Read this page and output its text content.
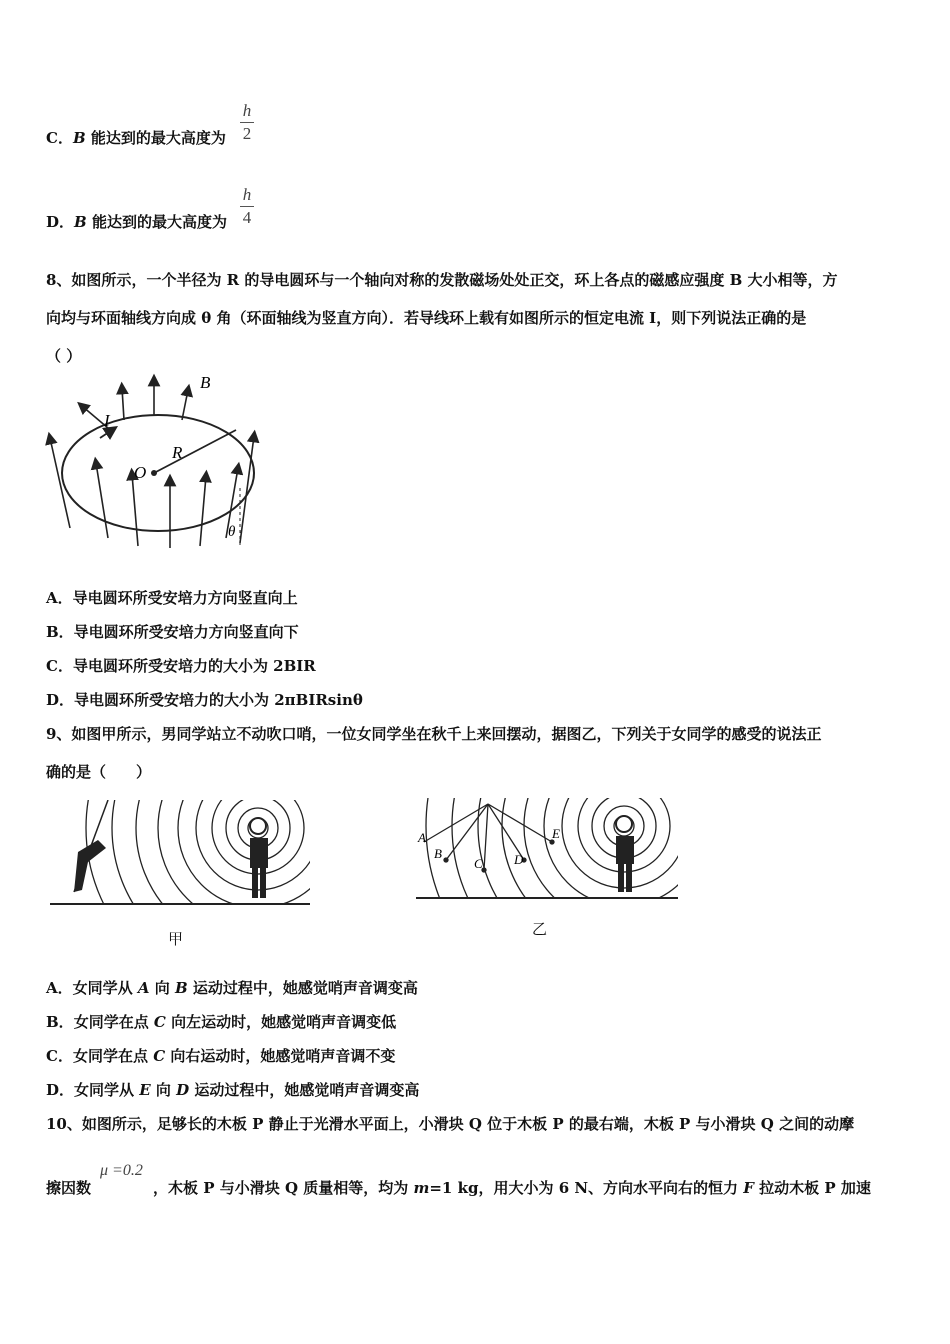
C．B 能达到的最大高度为
h
2
D．B 能达到的最大高度为
h
4
8、如图所示，一个半径为 R 的导电圆环与一个轴向对称的发散磁场处处正交，环上各点的磁感应强度 B 大小相等，方
向均与环面轴线方向成 θ 角（环面轴线为竖直方向）．若导线环上载有如图所示的恒定电流 I，则下列说法正确的是
（ ）
B
I
O
R
θ
A．导电圆环所受安培力方向竖直向上
B．导电圆环所受安培力方向竖直向下
C．导电圆环所受安培力的大小为 2BIR
D．导电圆环所受安培力的大小为 2πBIRsinθ
9、如图甲所示，男同学站立不动吹口哨，一位女同学坐在秋千上来回摆动，据图乙，下列关于女同学的感受的说法正
确的是（　　）
甲
A
B
C D
E
乙
A．女同学从 A 向 B 运动过程中，她感觉哨声音调变高
B．女同学在点 C 向左运动时，她感觉哨声音调变低
C．女同学在点 C 向右运动时，她感觉哨声音调不变
D．女同学从 E 向 D 运动过程中，她感觉哨声音调变高
10、如图所示，足够长的木板 P 静止于光滑水平面上，小滑块 Q 位于木板 P 的最右端，木板 P 与小滑块 Q 之间的动摩
擦因数	，木板 P 与小滑块 Q 质量相等，均为 m=1 kg，用大小为 6 N、方向水平向右的恒力 F 拉动木板 P 加速
μ =0.2
